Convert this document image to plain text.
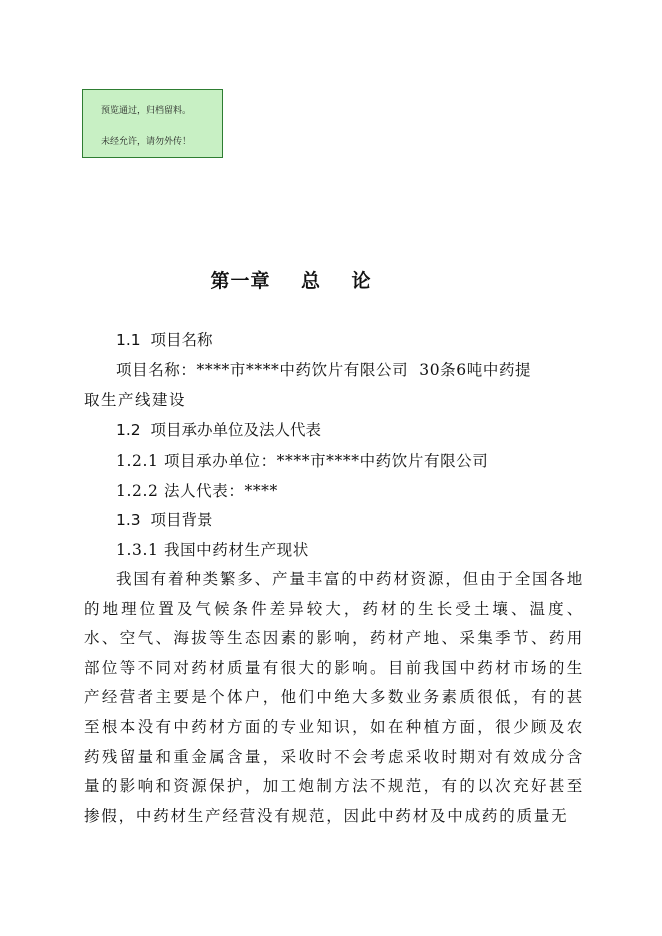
预览通过，归档留料。
未经允许，请勿外传！
第一章    总    论
1.1  项目名称
项目名称：****市****中药饮片有限公司  30条6吨中药提
取生产线建设
1.2  项目承办单位及法人代表
1.2.1 项目承办单位：****市****中药饮片有限公司
1.2.2 法人代表：****
1.3  项目背景
1.3.1 我国中药材生产现状
我国有着种类繁多、产量丰富的中药材资源，但由于全国各地的地理位置及气候条件差异较大，药材的生长受土壤、温度、水、空气、海拔等生态因素的影响，药材产地、采集季节、药用部位等不同对药材质量有很大的影响。目前我国中药材市场的生产经营者主要是个体户，他们中绝大多数业务素质很低，有的甚至根本没有中药材方面的专业知识，如在种植方面，很少顾及农药残留量和重金属含量，采收时不会考虑采收时期对有效成分含量的影响和资源保护，加工炮制方法不规范，有的以次充好甚至掺假，中药材生产经营没有规范，因此中药材及中成药的质量无
